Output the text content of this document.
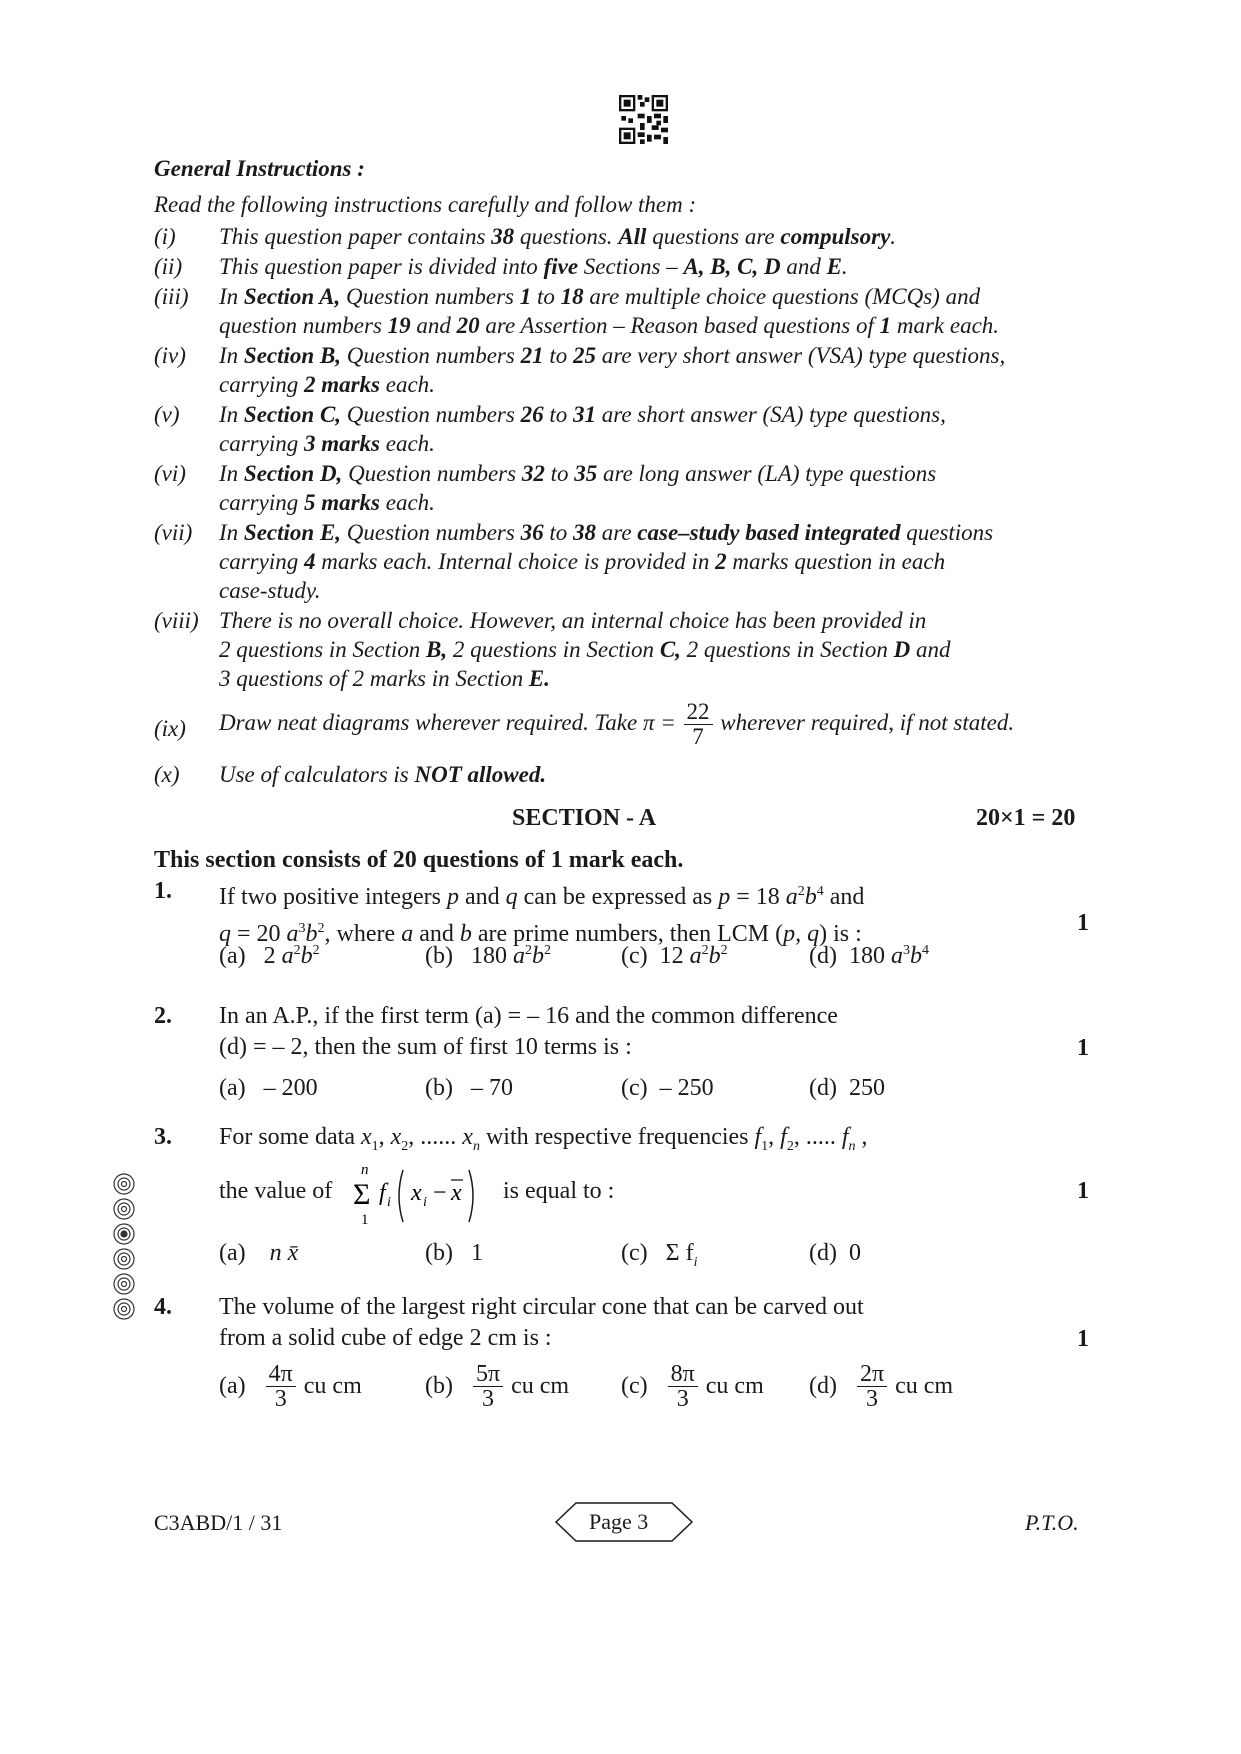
General Instructions :
Read the following instructions carefully and follow them :
(i) This question paper contains 38 questions. All questions are compulsory.
(ii) This question paper is divided into five Sections – A, B, C, D and E.
(iii) In Section A, Question numbers 1 to 18 are multiple choice questions (MCQs) and
question numbers 19 and 20 are Assertion – Reason based questions of 1 mark each.
(iv) In Section B, Question numbers 21 to 25 are very short answer (VSA) type questions,
carrying 2 marks each.
(v) In Section C, Question numbers 26 to 31 are short answer (SA) type questions,
carrying 3 marks each.
(vi) In Section D, Question numbers 32 to 35 are long answer (LA) type questions
carrying 5 marks each.
(vii) In Section E, Question numbers 36 to 38 are case–study based integrated questions
carrying 4 marks each. Internal choice is provided in 2 marks question in each
case-study.
(viii) There is no overall choice. However, an internal choice has been provided in
2 questions in Section B, 2 questions in Section C, 2 questions in Section D and
3 questions of 2 marks in Section E.
(ix) Draw neat diagrams wherever required. Take $\pi = \frac{22}{7}$ wherever required, if not stated.
(x) Use of calculators is NOT allowed.
SECTION - A	20×1 = 20
This section consists of 20 questions of 1 mark each.
1. If two positive integers p and q can be expressed as p = 18 $a^2b^4$ and
q = 20 $a^3b^2$, where a and b are prime numbers, then LCM (p, q) is :	1
(a) 2 $a^2b^2$	(b) 180 $a^2b^2$	(c) 12 $a^2b^2$	(d) 180 $a^3b^4$
2. In an A.P., if the first term (a) = – 16 and the common difference
(d) = – 2, then the sum of first 10 terms is :	1
(a) – 200	(b) – 70	(c) – 250	(d) 250
3. For some data $x_1$, $x_2$, ...... $x_n$ with respective frequencies $f_1$, $f_2$, ..... $f_n$ ,
the value of
n
Σ
1
f i x i − x is equal to :	1
(a) n x̄	(b) 1	(c) Σ $f_i$	(d) 0
4. The volume of the largest right circular cone that can be carved out
from a solid cube of edge 2 cm is :	1
$(a) \frac{4\pi}{3}$ cu cm	$(b) \frac{5\pi}{3}$ cu cm $(c) \frac{8\pi}{3}$ cu cm $(d) \frac{2\pi}{3}$ cu cm
C3ABD/1 / 31	Page 3	P.T.O.
